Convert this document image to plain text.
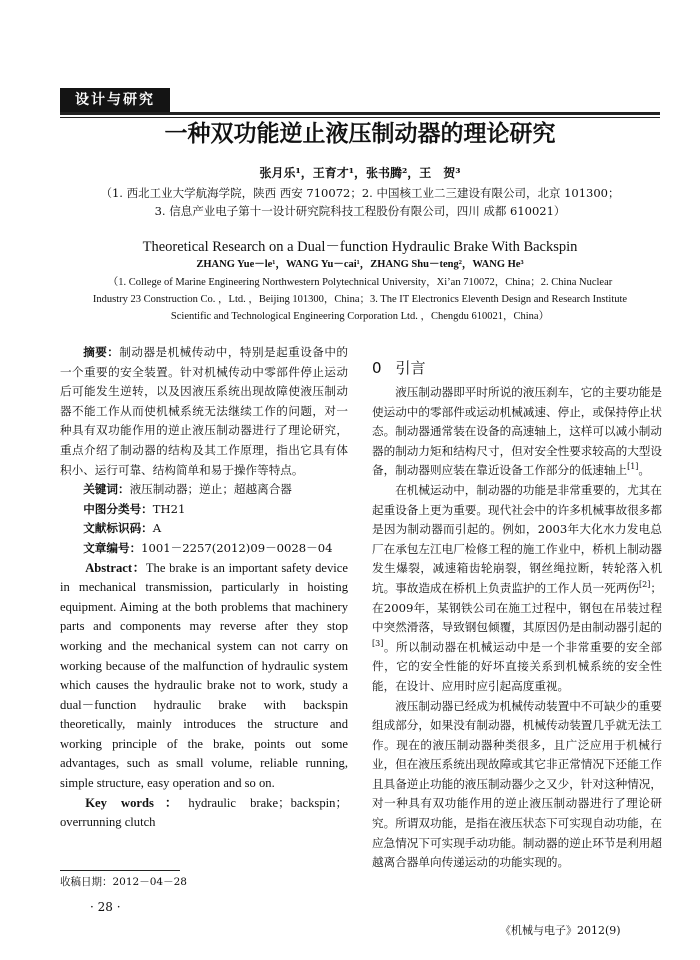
设计与研究
一种双功能逆止液压制动器的理论研究
张月乐¹，王育才¹，张书腾²，王　贺³
（1. 西北工业大学航海学院，陕西 西安 710072；2. 中国核工业二三建设有限公司，北京 101300；
3. 信息产业电子第十一设计研究院科技工程股份有限公司，四川 成都 610021）
Theoretical Research on a Dual－function Hydraulic Brake With Backspin
ZHANG Yue－le¹，WANG Yu－cai¹，ZHANG Shu－teng²，WANG He³
（1. College of Marine Engineering Northwestern Polytechnical University，Xi’an 710072，China；2. China Nuclear
Industry 23 Construction Co. ，Ltd. ，Beijing 101300，China；3. The IT Electronics Eleventh Design and Research Institute
Scientific and Technological Engineering Corporation Ltd. ，Chengdu 610021，China）

摘要：制动器是机械传动中，特别是起重设备中的一个重要的安全装置。针对机械传动中零部件停止运动后可能发生逆转，以及因液压系统出现故障使液压制动器不能工作从而使机械系统无法继续工作的问题，对一种具有双功能作用的逆止液压制动器进行了理论研究，重点介绍了制动器的结构及其工作原理，指出它具有体积小、运行可靠、结构简单和易于操作等特点。

关键词：液压制动器；逆止；超越离合器

中图分类号：TH21

文献标识码：A

文章编号：1001－2257(2012)09－0028－04

Abstract：The brake is an important safety device in mechanical transmission, particularly in hoisting equipment. Aiming at the both problems that machinery parts and components may reverse after they stop working and the mechanical system can not carry on working because of the malfunction of hydraulic system which causes the hydraulic brake not to work, study a dual－function hydraulic brake with backspin theoretically, mainly introduces the structure and working principle of the brake, points out some advantages, such as small volume, reliable running, simple structure, easy operation and so on.

Key words：hydraulic brake；backspin；overrunning clutch

0 引言

液压制动器即平时所说的液压刹车，它的主要功能是使运动中的零部件或运动机械减速、停止，或保持停止状态。制动器通常装在设备的高速轴上，这样可以减小制动器的制动力矩和结构尺寸，但对安全性要求较高的大型设备，制动器则应装在靠近设备工作部分的低速轴上[1]。

在机械运动中，制动器的功能是非常重要的，尤其在起重设备上更为重要。现代社会中的许多机械事故很多都是因为制动器而引起的。例如，2003年大化水力发电总厂在承包左江电厂检修工程的施工作业中，桥机上制动器发生爆裂，减速箱齿轮崩裂，钢丝绳拉断，转轮落入机坑。事故造成在桥机上负责监护的工作人员一死两伤[2]；在2009年，某钢铁公司在施工过程中，钢包在吊装过程中突然滑落，导致钢包倾覆，其原因仍是由制动器引起的[3]。所以制动器在机械运动中是一个非常重要的安全部件，它的安全性能的好坏直接关系到机械系统的安全性能，在设计、应用时应引起高度重视。

液压制动器已经成为机械传动装置中不可缺少的重要组成部分，如果没有制动器，机械传动装置几乎就无法工作。现在的液压制动器种类很多，且广泛应用于机械行业，但在液压系统出现故障或其它非正常情况下还能工作且具备逆止功能的液压制动器少之又少，针对这种情况，对一种具有双功能作用的逆止液压制动器进行了理论研究。所谓双功能，是指在液压状态下可实现自动功能，在应急情况下可实现手动功能。制动器的逆止环节是利用超越离合器单向传递运动的功能实现的。

收稿日期：2012－04－28
· 28 ·
《机械与电子》2012(9)
